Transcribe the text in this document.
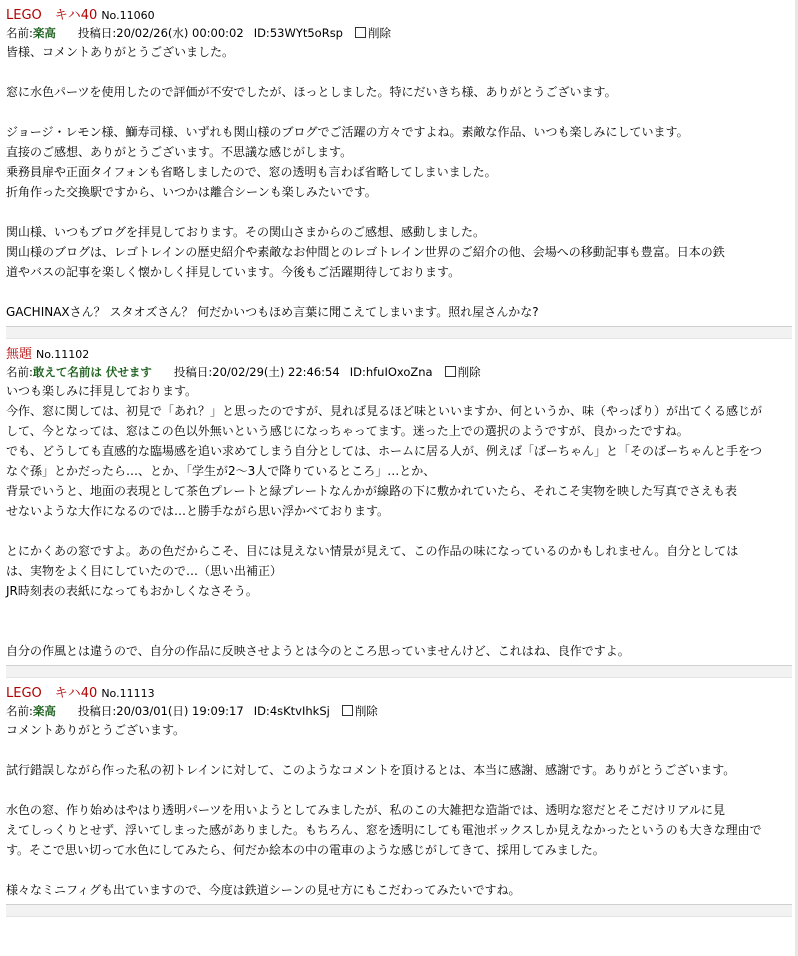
LEGO　キハ40 No.11060
名前:楽高 投稿日:20/02/26(水) 00:00:02 ID:53WYt5oRsp 削除
皆様、コメントありがとうございました。

窓に水色パーツを使用したので評価が不安でしたが、ほっとしました。特にだいきち様、ありがとうございます。

ジョージ・レモン様、鰤寿司様、いずれも関山様のブログでご活躍の方々ですよね。素敵な作品、いつも楽しみにしています。
直接のご感想、ありがとうございます。不思議な感じがします。
乗務員扉や正面タイフォンも省略しましたので、窓の透明も言わば省略してしまいました。
折角作った交換駅ですから、いつかは離合シーンも楽しみたいです。

関山様、いつもブログを拝見しております。その関山さまからのご感想、感動しました。
関山様のブログは、レゴトレインの歴史紹介や素敵なお仲間とのレゴトレイン世界のご紹介の他、会場への移動記事も豊富。日本の鉄
道やバスの記事を楽しく懐かしく拝見しています。今後もご活躍期待しております。

GACHINAXさん？ スタオズさん？ 何だかいつもほめ言葉に聞こえてしまいます。照れ屋さんかな?
無題 No.11102
名前:敢えて名前は 伏せます 投稿日:20/02/29(土) 22:46:54 ID:hfuIOxoZna 削除
いつも楽しみに拝見しております。
今作、窓に関しては、初見で「あれ？」と思ったのですが、見れば見るほど味といいますか、何というか、味（やっぱり）が出てくる感じが
して、今となっては、窓はこの色以外無いという感じになっちゃってます。迷った上での選択のようですが、良かったですね。
でも、どうしても直感的な臨場感を追い求めてしまう自分としては、ホームに居る人が、例えば「ばーちゃん」と「そのばーちゃんと手をつ
なぐ孫」とかだったら…、とか、「学生が2～3人で降りているところ」…とか、
背景でいうと、地面の表現として茶色プレートと緑プレートなんかが線路の下に敷かれていたら、それこそ実物を映した写真でさえも表
せないような大作になるのでは…と勝手ながら思い浮かべております。

とにかくあの窓ですよ。あの色だからこそ、目には見えない情景が見えて、この作品の味になっているのかもしれません。自分としては
は、実物をよく目にしていたので…（思い出補正）
JR時刻表の表紙になってもおかしくなさそう。

自分の作風とは違うので、自分の作品に反映させようとは今のところ思っていませんけど、これはね、良作ですよ。
LEGO　キハ40 No.11113
名前:楽高 投稿日:20/03/01(日) 19:09:17 ID:4sKtvIhkSj 削除
コメントありがとうございます。

試行錯誤しながら作った私の初トレインに対して、このようなコメントを頂けるとは、本当に感謝、感謝です。ありがとうございます。

水色の窓、作り始めはやはり透明パーツを用いようとしてみましたが、私のこの大雑把な造詣では、透明な窓だとそこだけリアルに見
えてしっくりとせず、浮いてしまった感がありました。もちろん、窓を透明にしても電池ボックスしか見えなかったというのも大きな理由で
す。そこで思い切って水色にしてみたら、何だか絵本の中の電車のような感じがしてきて、採用してみました。

様々なミニフィグも出ていますので、今度は鉄道シーンの見せ方にもこだわってみたいですね。
